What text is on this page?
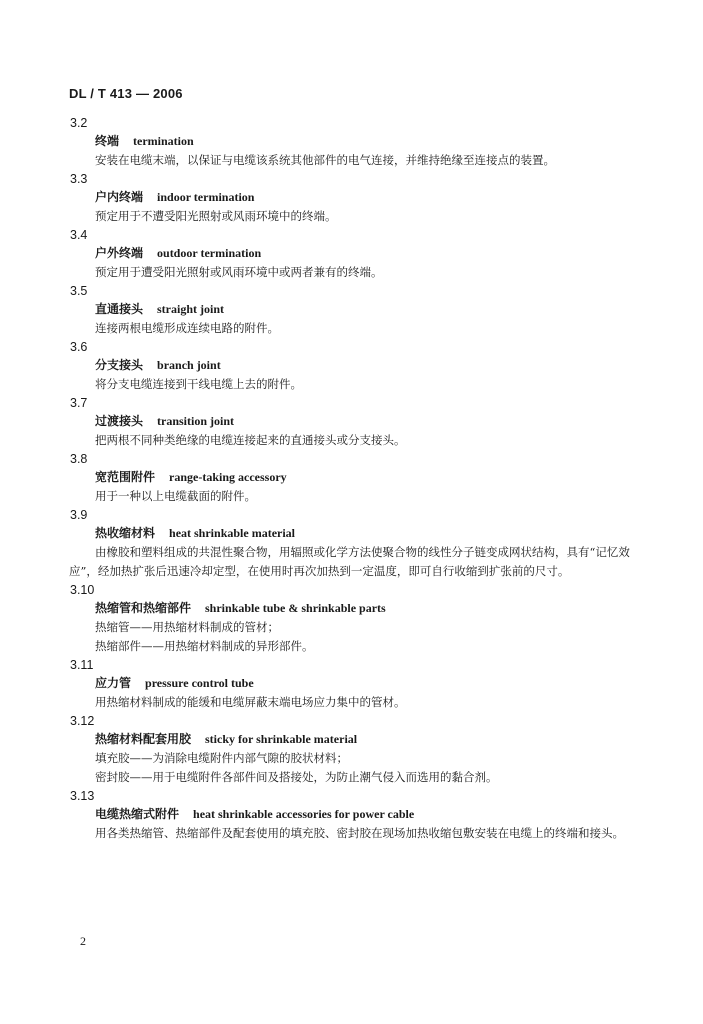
DL / T 413 — 2006
3.2
终端 termination
安装在电缆末端，以保证与电缆该系统其他部件的电气连接，并维持绝缘至连接点的装置。
3.3
户内终端 indoor termination
预定用于不遭受阳光照射或风雨环境中的终端。
3.4
户外终端 outdoor termination
预定用于遭受阳光照射或风雨环境中或两者兼有的终端。
3.5
直通接头 straight joint
连接两根电缆形成连续电路的附件。
3.6
分支接头 branch joint
将分支电缆连接到干线电缆上去的附件。
3.7
过渡接头 transition joint
把两根不同种类绝缘的电缆连接起来的直通接头或分支接头。
3.8
宽范围附件 range-taking accessory
用于一种以上电缆截面的附件。
3.9
热收缩材料 heat shrinkable material
由橡胶和塑料组成的共混性聚合物，用辐照或化学方法使聚合物的线性分子链变成网状结构，具有“记忆效应”，经加热扩张后迅速冷却定型，在使用时再次加热到一定温度，即可自行收缩到扩张前的尺寸。
3.10
热缩管和热缩部件 shrinkable tube & shrinkable parts
热缩管——用热缩材料制成的管材；
热缩部件——用热缩材料制成的异形部件。
3.11
应力管 pressure control tube
用热缩材料制成的能缓和电缆屏蔽末端电场应力集中的管材。
3.12
热缩材料配套用胶 sticky for shrinkable material
填充胶——为消除电缆附件内部气隙的胶状材料；
密封胶——用于电缆附件各部件间及搭接处，为防止潮气侵入而选用的黏合剂。
3.13
电缆热缩式附件 heat shrinkable accessories for power cable
用各类热缩管、热缩部件及配套使用的填充胶、密封胶在现场加热收缩包敷安装在电缆上的终端和接头。
2
